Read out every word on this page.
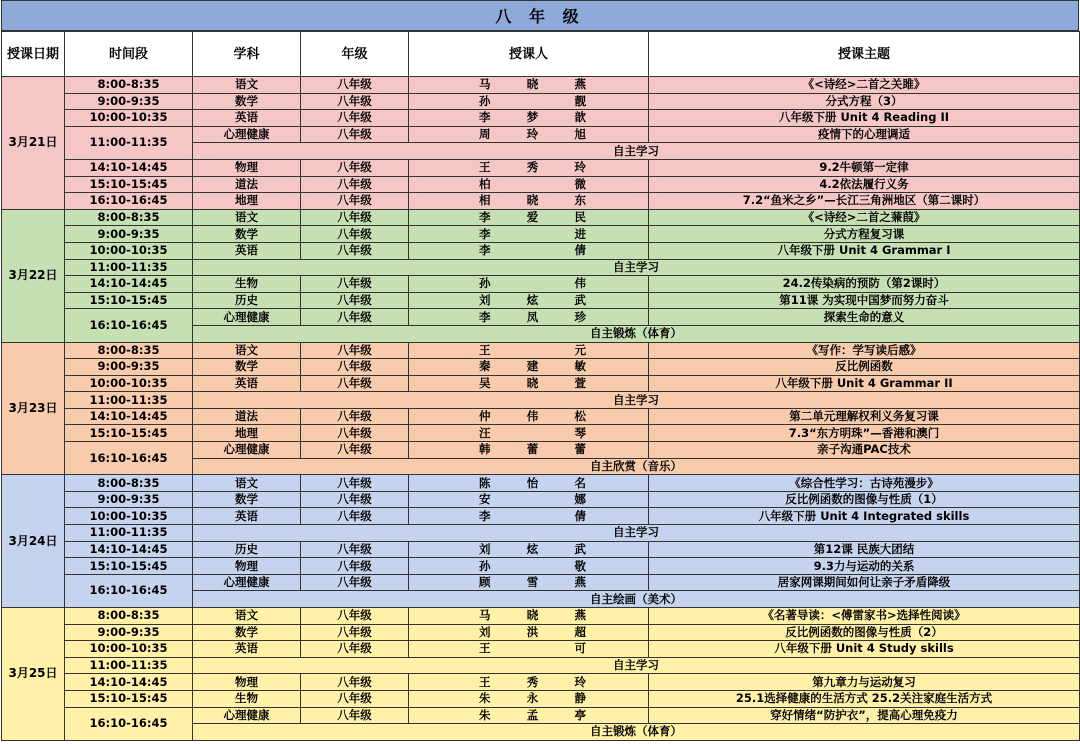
八 年 级
授课日期	时间段	学科	年级	授课人	授课主题
3月21日	8:00-8:35	语文	八年级	马 晓 燕	《<诗经>二首之关雎》
	9:00-9:35	数学	八年级	孙 靓	分式方程（3）
	10:00-10:35	英语	八年级	李 梦 歆	八年级下册 Unit 4 Reading II
	11:00-11:35	心理健康	八年级	周 玲 旭	疫情下的心理调适
		自主学习			
	14:10-14:45	物理	八年级	王 秀 玲	9.2牛顿第一定律
	15:10-15:45	道法	八年级	柏 微	4.2依法履行义务
	16:10-16:45	地理	八年级	相 晓 东	7.2“鱼米之乡”—长江三角洲地区（第二课时）
3月22日	8:00-8:35	语文	八年级	李 爱 民	《<诗经>二首之蒹葭》
	9:00-9:35	数学	八年级	李 进	分式方程复习课
	10:00-10:35	英语	八年级	李 倩	八年级下册 Unit 4 Grammar I
	11:00-11:35	自主学习			
	14:10-14:45	生物	八年级	孙 伟	24.2传染病的预防（第2课时）
	15:10-15:45	历史	八年级	刘 炫 武	第11课 为实现中国梦而努力奋斗
	16:10-16:45	心理健康	八年级	李 凤 珍	探索生命的意义
		自主锻炼（体育）			
3月23日	8:00-8:35	语文	八年级	王 元	《写作：学写读后感》
	9:00-9:35	数学	八年级	秦 建 敏	反比例函数
	10:00-10:35	英语	八年级	吴 晓 萱	八年级下册 Unit 4 Grammar II
	11:00-11:35	自主学习			
	14:10-14:45	道法	八年级	仲 伟 松	第二单元理解权利义务复习课
	15:10-15:45	地理	八年级	汪 琴	7.3“东方明珠”—香港和澳门
	16:10-16:45	心理健康	八年级	韩 蕾 蕾	亲子沟通PAC技术
		自主欣赏（音乐）			
3月24日	8:00-8:35	语文	八年级	陈 怡 名	《综合性学习：古诗苑漫步》
	9:00-9:35	数学	八年级	安 娜	反比例函数的图像与性质（1）
	10:00-10:35	英语	八年级	李 倩	八年级下册 Unit 4 Integrated skills
	11:00-11:35	自主学习			
	14:10-14:45	历史	八年级	刘 炫 武	第12课 民族大团结
	15:10-15:45	物理	八年级	孙 敬	9.3力与运动的关系
	16:10-16:45	心理健康	八年级	顾 雪 燕	居家网课期间如何让亲子矛盾降级
		自主绘画（美术）			
3月25日	8:00-8:35	语文	八年级	马 晓 燕	《名著导读：<傅雷家书>选择性阅读》
	9:00-9:35	数学	八年级	刘 洪 超	反比例函数的图像与性质（2）
	10:00-10:35	英语	八年级	王 可	八年级下册 Unit 4 Study skills
	11:00-11:35	自主学习			
	14:10-14:45	物理	八年级	王 秀 玲	第九章力与运动复习
	15:10-15:45	生物	八年级	朱 永 静	25.1选择健康的生活方式 25.2关注家庭生活方式
	16:10-16:45	心理健康	八年级	朱 孟 亭	穿好情绪“防护衣”，提高心理免疫力
		自主锻炼（体育）			
